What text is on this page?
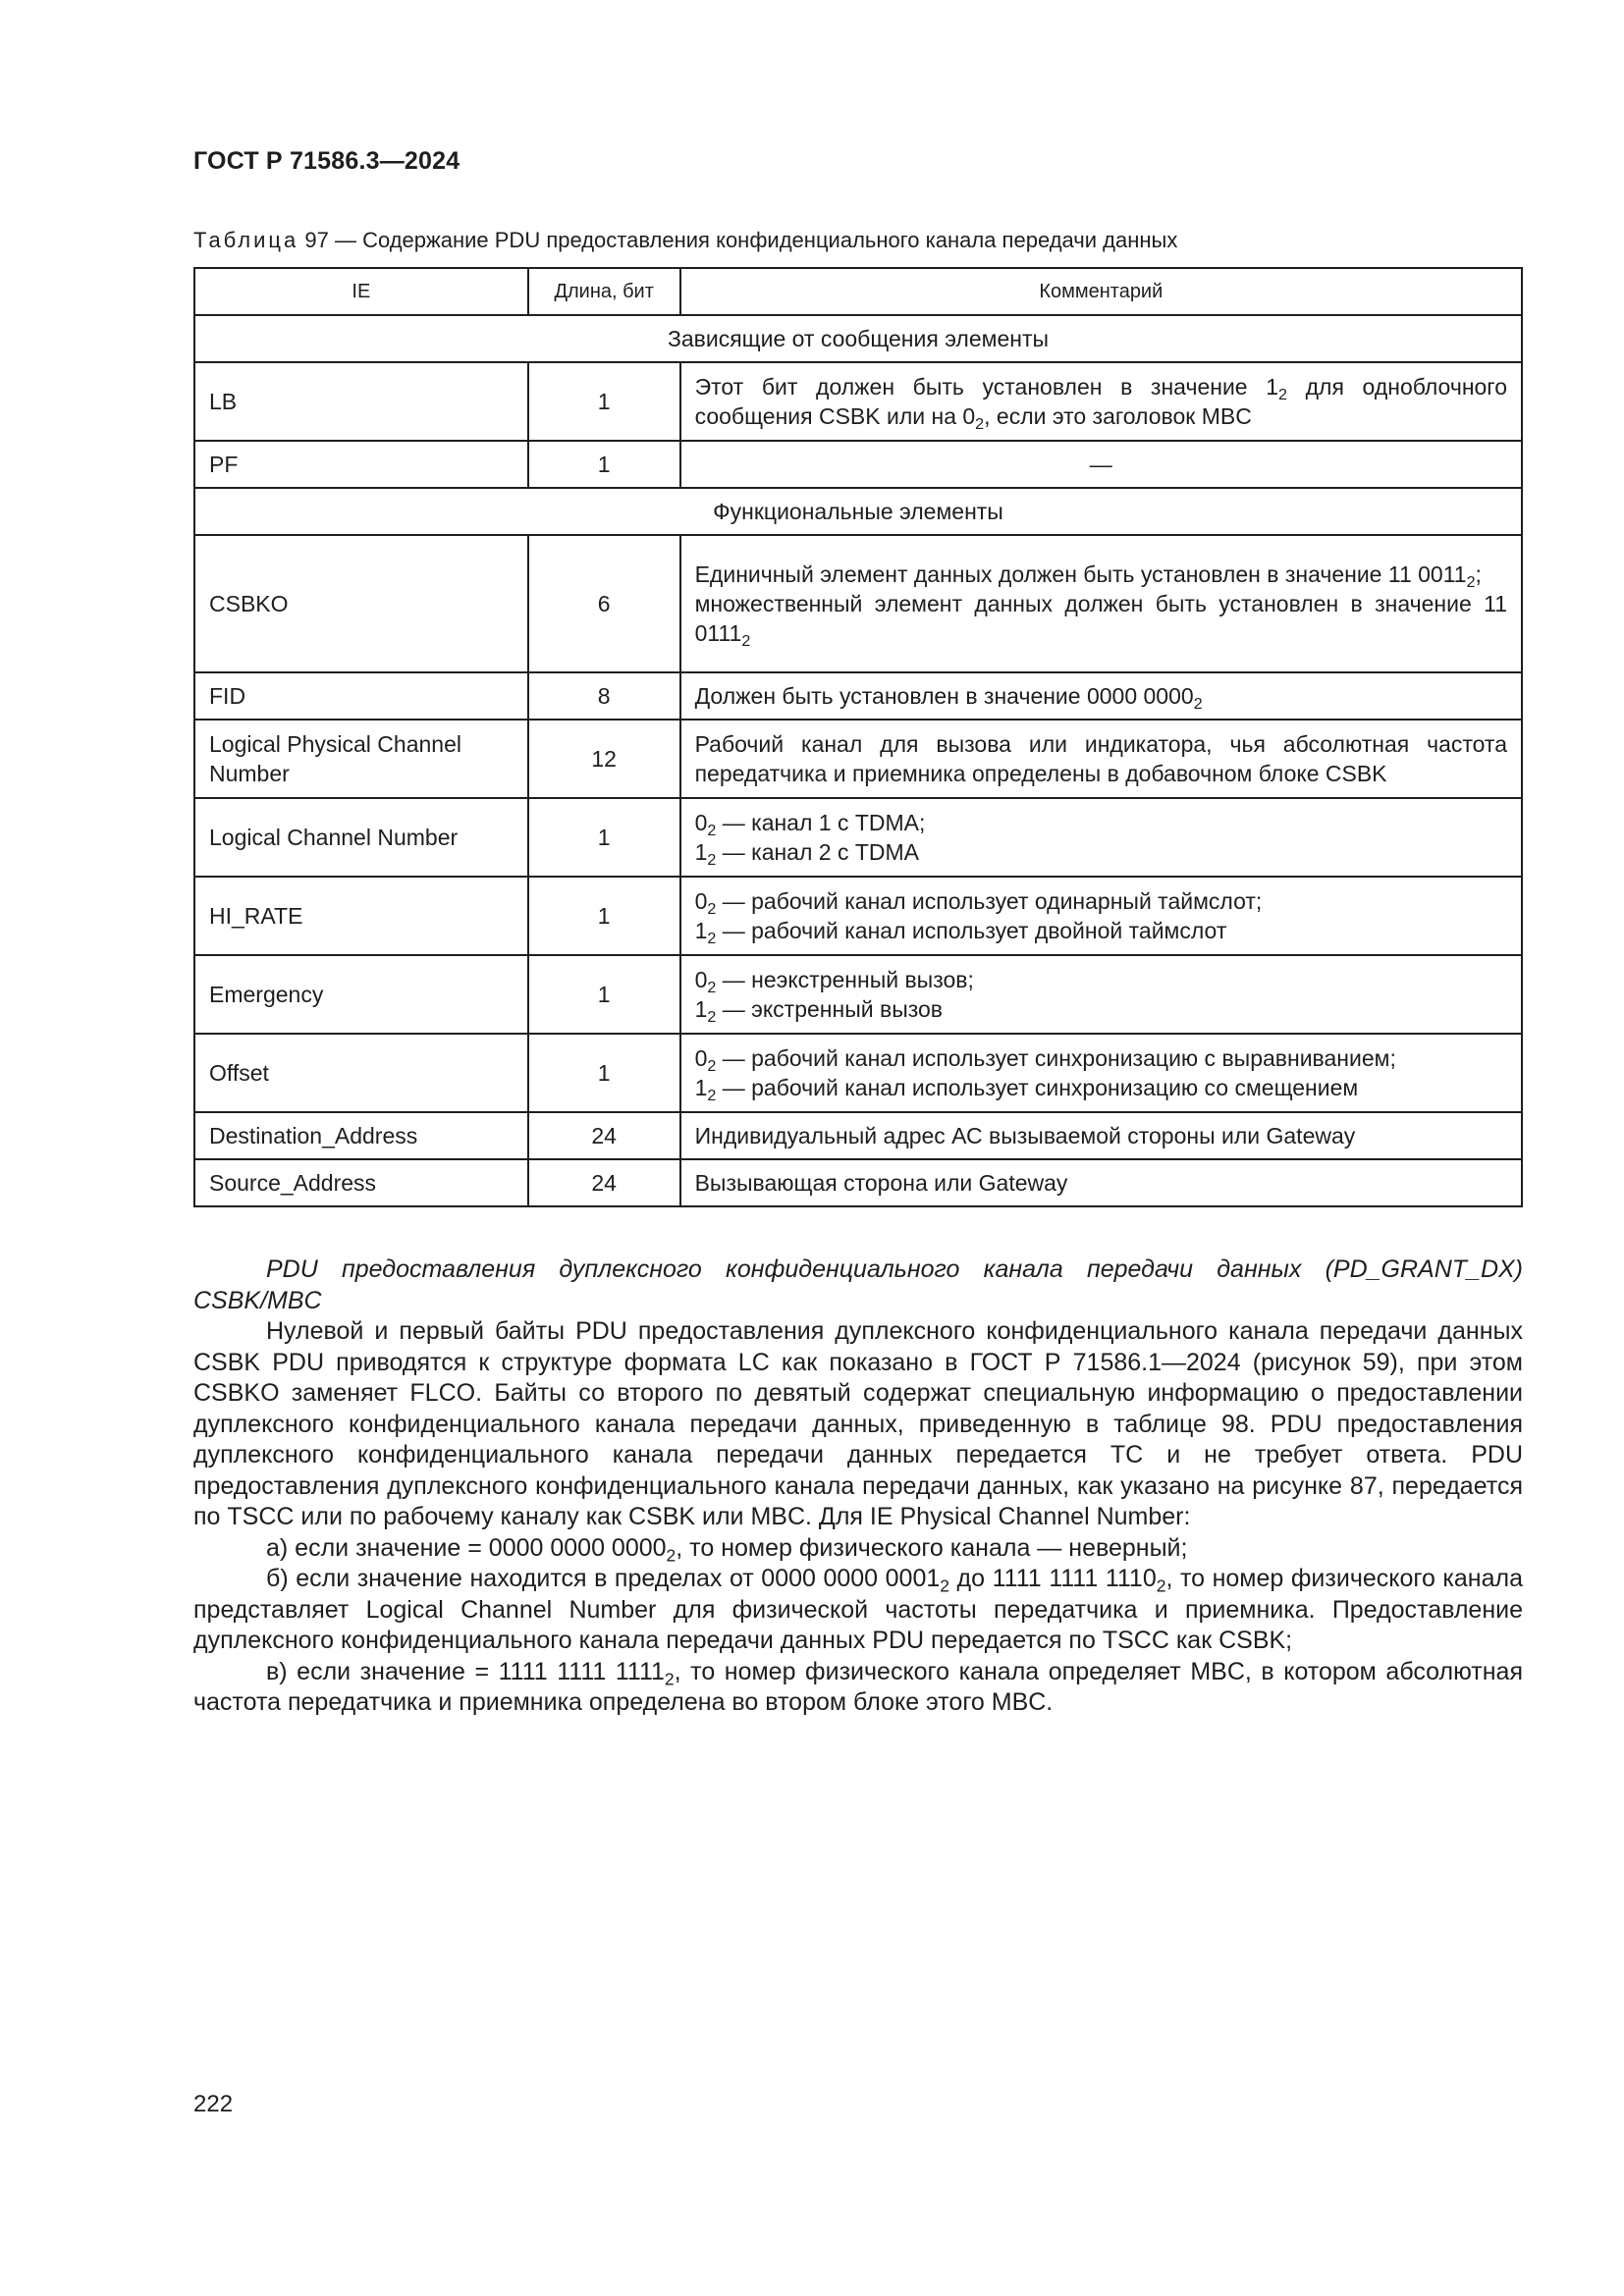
ГОСТ Р 71586.3—2024
Таблица 97 — Содержание PDU предоставления конфиденциального канала передачи данных
IE	Длина, бит	Комментарий
Зависящие от сообщения элементы		
LB	1	Этот бит должен быть установлен в значение $1_2$ для одноблочного сообщения CSBK или на $0_2$, если это заголовок MBC
PF	1	—
Функциональные элементы		
CSBKO	6	Единичный элемент данных должен быть установлен в значение 11 $0011_2$;
множественный элемент данных должен быть установлен в значение 11 $0111_2$
FID	8	Должен быть установлен в значение 0000 $0000_2$
Logical Physical Channel Number	12	Рабочий канал для вызова или индикатора, чья абсолютная частота передатчика и приемника определены в добавочном блоке CSBK
Logical Channel Number	1	$0_2$ — канал 1 с TDMA;
$1_2$ — канал 2 с TDMA

HI_RATE	1	$0_2$ — рабочий канал использует одинарный таймслот;
$1_2$ — рабочий канал использует двойной таймслот

Emergency	1	$0_2$ — неэкстренный вызов;
$1_2$ — экстренный вызов

Offset	1	$0_2$ — рабочий канал использует синхронизацию с выравниванием;
$1_2$ — рабочий канал использует синхронизацию со смещением

Destination_Address	24	Индивидуальный адрес АС вызываемой стороны или Gateway
Source_Address	24	Вызывающая сторона или Gateway

PDU предоставления дуплексного конфиденциального канала передачи данных (PD_GRANT_DX) CSBK/MBC

Нулевой и первый байты PDU предоставления дуплексного конфиденциального канала передачи данных CSBK PDU приводятся к структуре формата LC как показано в ГОСТ Р 71586.1—2024 (рисунок 59), при этом CSBKO заменяет FLCO. Байты со второго по девятый содержат специальную информацию о предоставлении дуплексного конфиденциального канала передачи данных, приведенную в таблице 98. PDU предоставления дуплексного конфиденциального канала передачи данных передается TC и не требует ответа. PDU предоставления дуплексного конфиденциального канала передачи данных, как указано на рисунке 87, передается по TSCC или по рабочему каналу как CSBK или MBC. Для IE Physical Channel Number:

а) если значение = 0000 0000 $0000_2$, то номер физического канала — неверный;

б) если значение находится в пределах от 0000 0000 $0001_2$ до 1111 1111 $1110_2$, то номер физического канала представляет Logical Channel Number для физической частоты передатчика и приемника. Предоставление дуплексного конфиденциального канала передачи данных PDU передается по TSCC как CSBK;

в) если значение = 1111 1111 $1111_2$, то номер физического канала определяет MBC, в котором абсолютная частота передатчика и приемника определена во втором блоке этого MBC.

222
